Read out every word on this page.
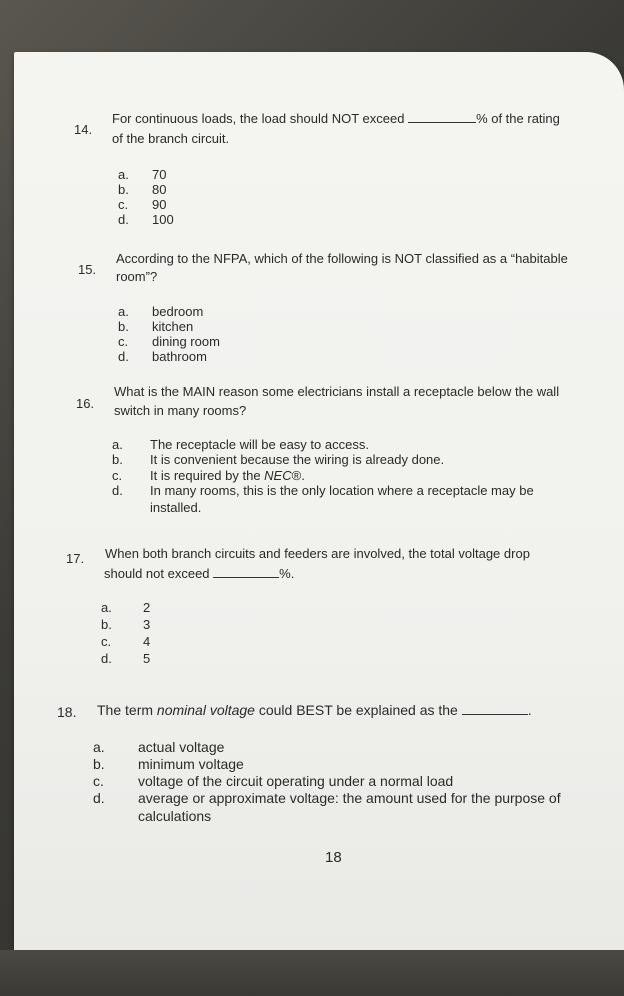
14.
For continuous loads, the load should NOT exceed	% of the rating
of the branch circuit.
a. 70
b. 80
c. 90
d. 100
15.
According to the NFPA, which of the following is NOT classified as a “habitable
room”?
a. bedroom
b. kitchen
c. dining room
d. bathroom
16.
What is the MAIN reason some electricians install a receptacle below the wall
switch in many rooms?
a. The receptacle will be easy to access.
b. It is convenient because the wiring is already done.
c. It is required by the NEC®.
d. In many rooms, this is the only location where a receptacle may be
installed.
17. When both branch circuits and feeders are involved, the total voltage drop
should not exceed	%.
a. 2
b. 3
c. 4
d. 5
18. The term nominal voltage could BEST be explained as the	.
a. actual voltage
b. minimum voltage
c. voltage of the circuit operating under a normal load
d. average or approximate voltage: the amount used for the purpose of
calculations
18
